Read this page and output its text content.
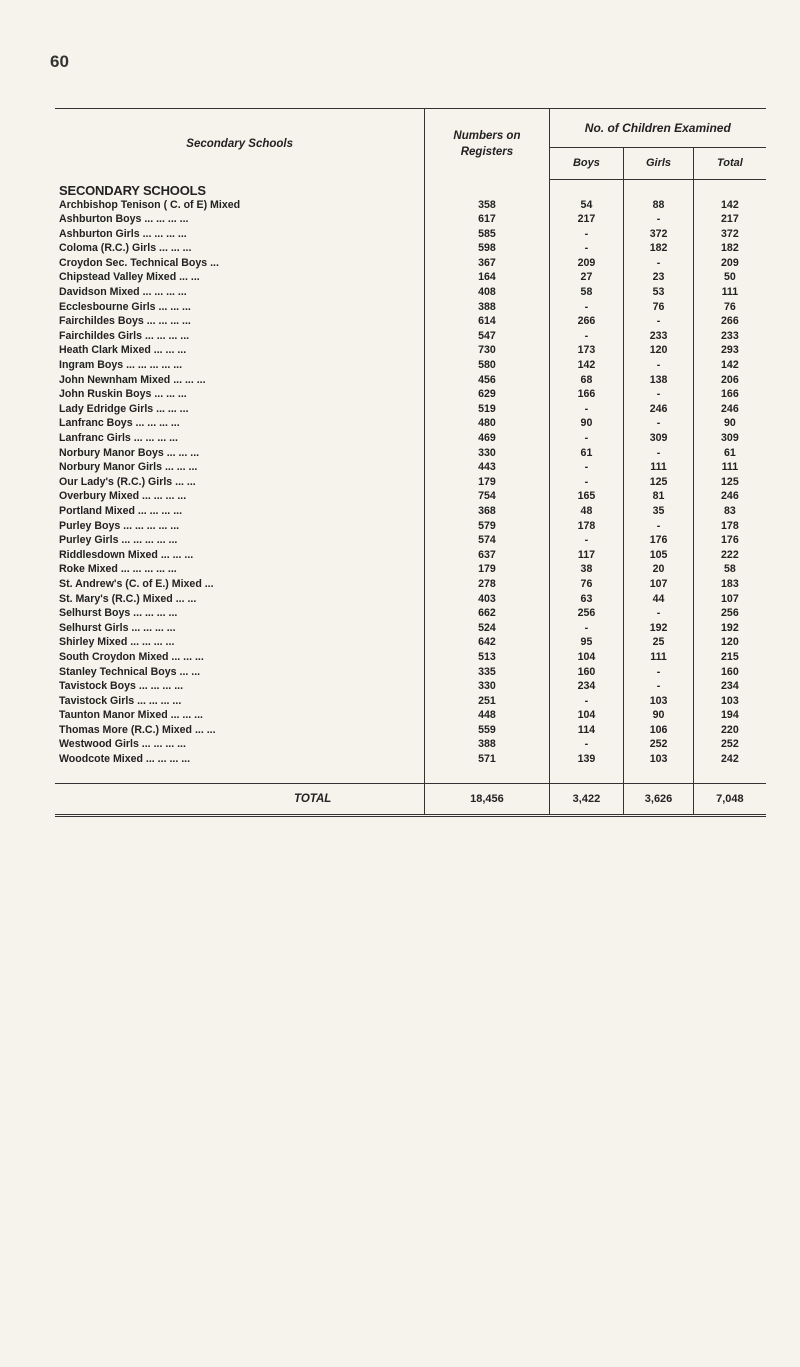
60
Secondary Schools	Numbers on
Registers	No. of Children Examined		
		Boys	Girls	Total
SECONDARY SCHOOLS				
Archbishop Tenison ( C. of E) Mixed	358	54	88	142
Ashburton Boys ... ... ... ...	617	217	-	217
Ashburton Girls ... ... ... ...	585	-	372	372
Coloma (R.C.) Girls ... ... ...	598	-	182	182
Croydon Sec. Technical Boys ...	367	209	-	209
Chipstead Valley Mixed ... ...	164	27	23	50
Davidson Mixed ... ... ... ...	408	58	53	111
Ecclesbourne Girls ... ... ...	388	-	76	76
Fairchildes Boys ... ... ... ...	614	266	-	266
Fairchildes Girls ... ... ... ...	547	-	233	233
Heath Clark Mixed ... ... ...	730	173	120	293
Ingram Boys ... ... ... ... ...	580	142	-	142
John Newnham Mixed ... ... ...	456	68	138	206
John Ruskin Boys ... ... ...	629	166	-	166
Lady Edridge Girls ... ... ...	519	-	246	246
Lanfranc Boys ... ... ... ...	480	90	-	90
Lanfranc Girls ... ... ... ...	469	-	309	309
Norbury Manor Boys ... ... ...	330	61	-	61
Norbury Manor Girls ... ... ...	443	-	111	111
Our Lady's (R.C.) Girls ... ...	179	-	125	125
Overbury Mixed ... ... ... ...	754	165	81	246
Portland Mixed ... ... ... ...	368	48	35	83
Purley Boys ... ... ... ... ...	579	178	-	178
Purley Girls ... ... ... ... ...	574	-	176	176
Riddlesdown Mixed ... ... ...	637	117	105	222
Roke Mixed ... ... ... ... ...	179	38	20	58
St. Andrew's (C. of E.) Mixed ...	278	76	107	183
St. Mary's (R.C.) Mixed ... ...	403	63	44	107
Selhurst Boys ... ... ... ...	662	256	-	256
Selhurst Girls ... ... ... ...	524	-	192	192
Shirley Mixed ... ... ... ...	642	95	25	120
South Croydon Mixed ... ... ...	513	104	111	215
Stanley Technical Boys ... ...	335	160	-	160
Tavistock Boys ... ... ... ...	330	234	-	234
Tavistock Girls ... ... ... ...	251	-	103	103
Taunton Manor Mixed ... ... ...	448	104	90	194
Thomas More (R.C.) Mixed ... ...	559	114	106	220
Westwood Girls ... ... ... ...	388	-	252	252
Woodcote Mixed ... ... ... ...	571	139	103	242

TOTAL	18,456	3,422	3,626	7,048
